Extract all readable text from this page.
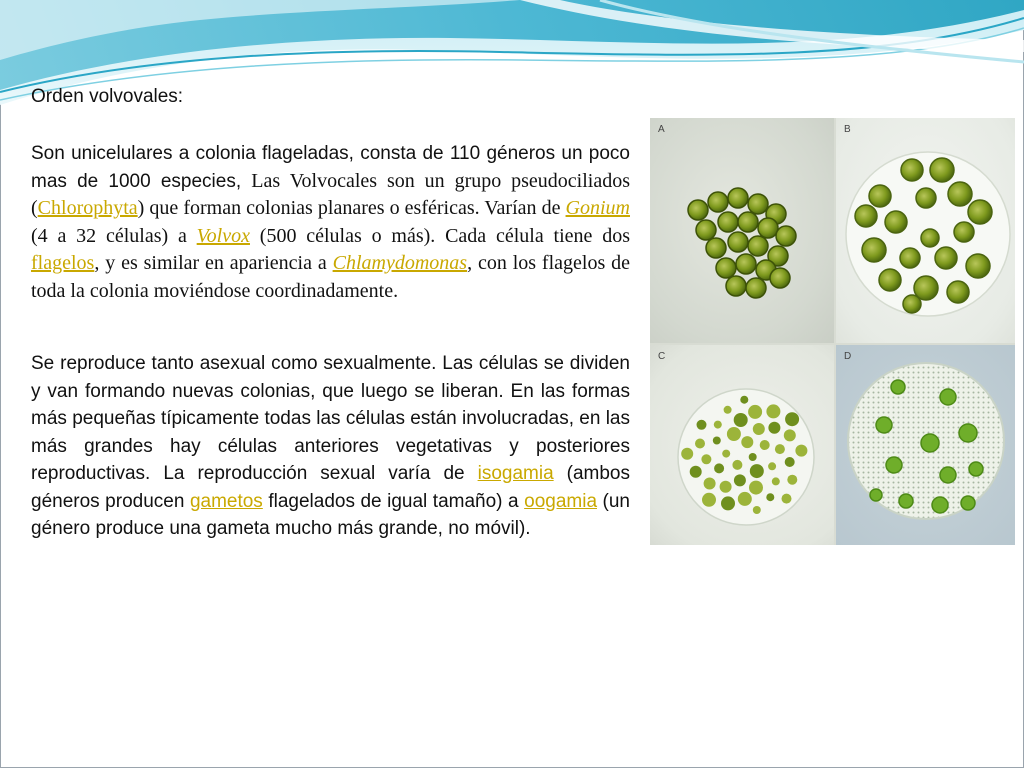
Orden volvovales:
Son unicelulares a colonia flageladas, consta de 110 géneros un poco mas de 1000 especies, Las Volvocales son un grupo pseudociliados (Chlorophyta) que forman colonias planares o esféricas. Varían de Gonium (4 a 32 células) a Volvox (500 células o más). Cada célula tiene dos flagelos, y es similar en apariencia a Chlamydomonas, con los flagelos de toda la colonia moviéndose coordinadamente.
Se reproduce tanto asexual como sexualmente. Las células se dividen y van formando nuevas colonias, que luego se liberan. En las formas más pequeñas típicamente todas las células están involucradas, en las más grandes hay células anteriores vegetativas y posteriores reproductivas. La reproducción sexual varía de isogamia (ambos géneros producen gametos flagelados de igual tamaño) a oogamia (un género produce una gameta mucho más grande, no móvil).
A	B
C	D
